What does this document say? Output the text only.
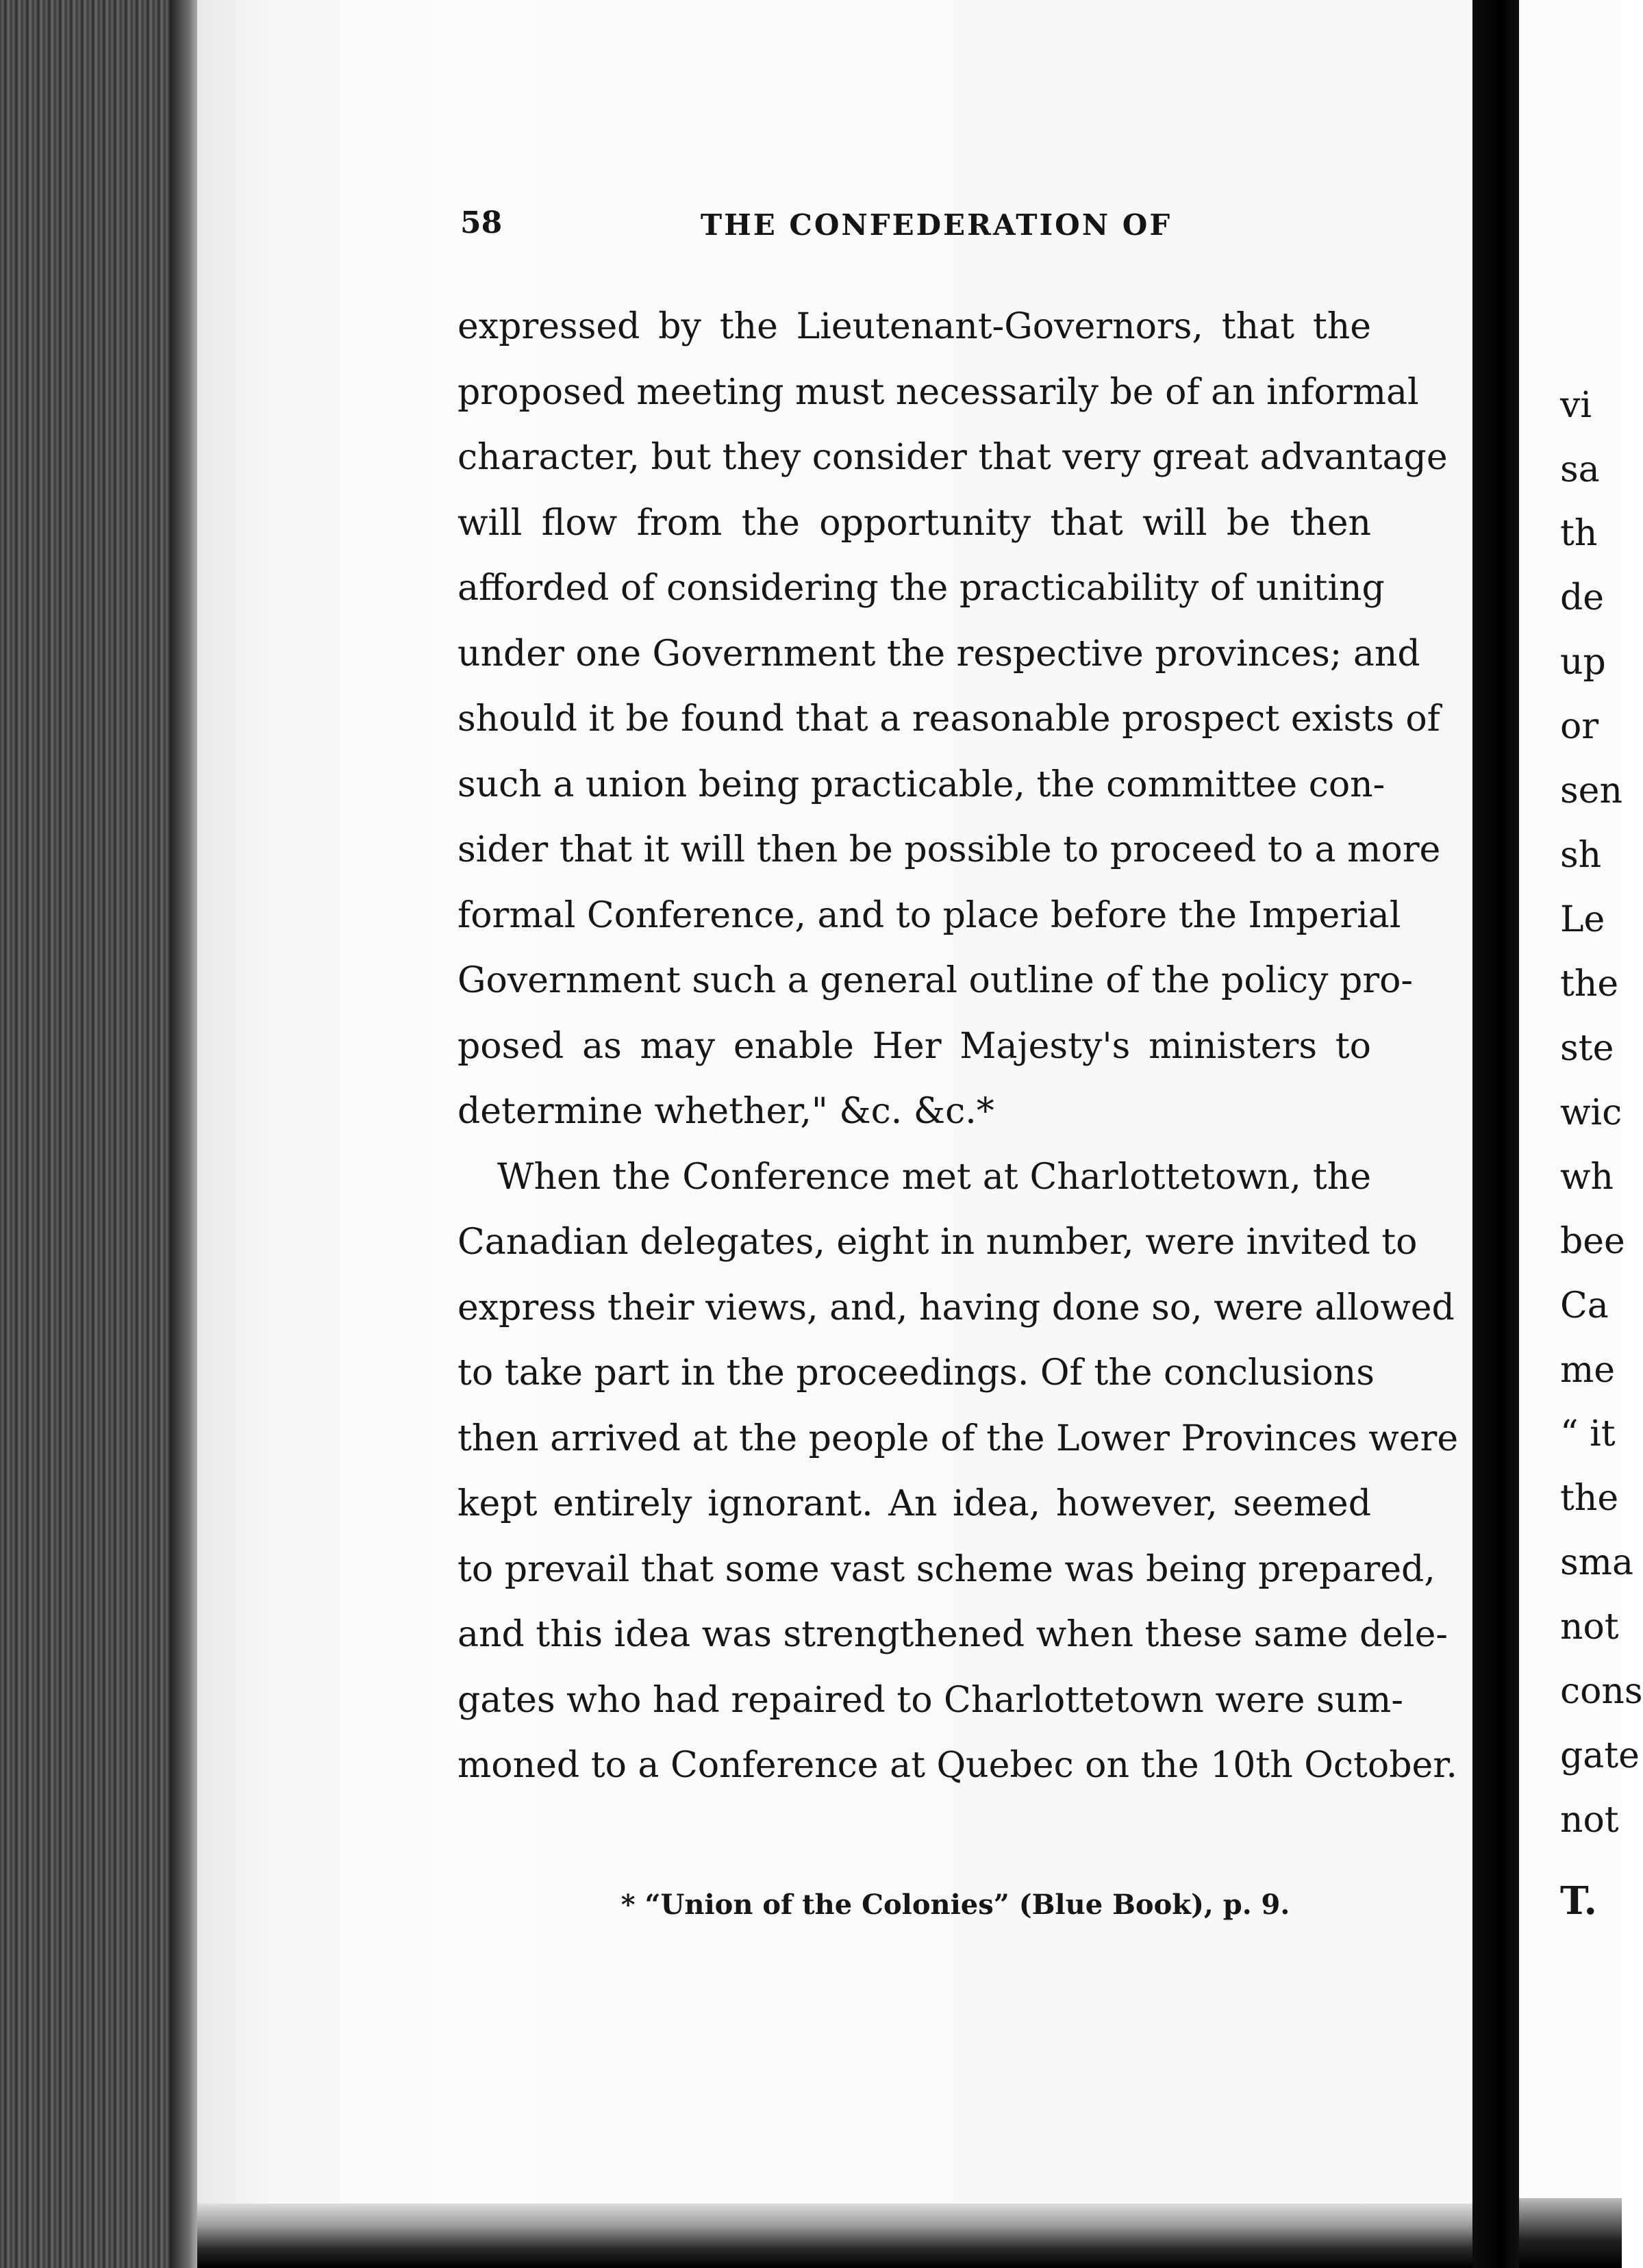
58	THE CONFEDERATION OF
expressed by the Lieutenant-Governors, that the
proposed meeting must necessarily be of an informal
character, but they consider that very great advantage
will flow from the opportunity that will be then
afforded of considering the practicability of uniting
under one Government the respective provinces; and
should it be found that a reasonable prospect exists of
such a union being practicable, the committee con-
sider that it will then be possible to proceed to a more
formal Conference, and to place before the Imperial
Government such a general outline of the policy pro-
posed as may enable Her Majesty's ministers to
determine whether," &c. &c.*
When the Conference met at Charlottetown, the
Canadian delegates, eight in number, were invited to
express their views, and, having done so, were allowed
to take part in the proceedings. Of the conclusions
then arrived at the people of the Lower Provinces were
kept entirely ignorant. An idea, however, seemed
to prevail that some vast scheme was being prepared,
and this idea was strengthened when these same dele-
gates who had repaired to Charlottetown were sum-
moned to a Conference at Quebec on the 10th October.
* “Union of the Colonies” (Blue Book), p. 9.
vi
sa
th
de
up
or
sen
sh
Le
the
ste
wic
wh
bee
Ca
me
“ it
the
sma
not
cons
gate
not
T.
